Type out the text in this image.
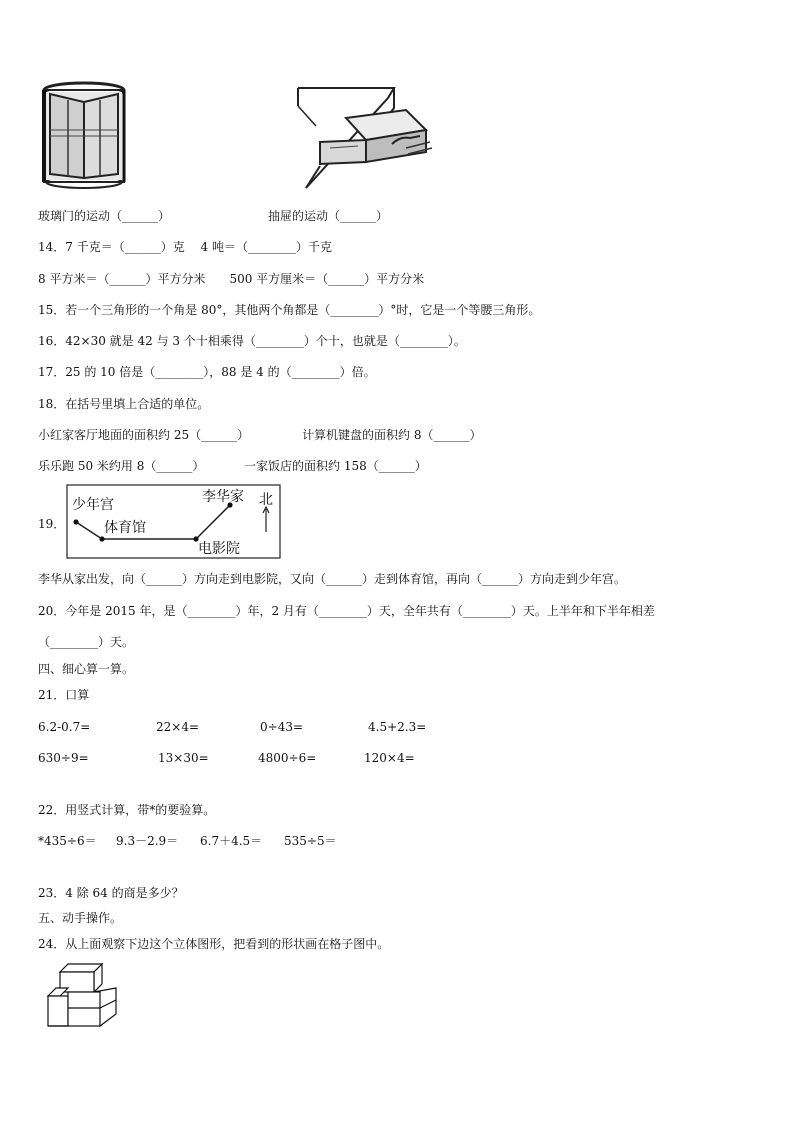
玻璃门的运动（______）	抽屉的运动（______）
14．7 千克＝（______）克　 4 吨＝（________）千克
8 平方米＝（______）平方分米　　500 平方厘米＝（______）平方分米
15．若一个三角形的一个角是 80°，其他两个角都是（________）°时，它是一个等腰三角形。
16．42×30 就是 42 与 3 个十相乘得（________）个十，也就是（________）。
17．25 的 10 倍是（________），88 是 4 的（________）倍。
18．在括号里填上合适的单位。
小红家客厅地面的面积约 25（______）	计算机键盘的面积约 8（______）
乐乐跑 50 米约用 8（______）	一家饭店的面积约 158（______）
19．
少年宫
体育馆
李华家
电影院
北
李华从家出发，向（______）方向走到电影院，又向（______）走到体育馆，再向（______）方向走到少年宫。
20．今年是 2015 年，是（________）年，2 月有（________）天，全年共有（________）天。上半年和下半年相差
（________）天。
四、细心算一算。
21．口算
6.2-0.7=	22×4=	0÷43=	4.5+2.3=
630÷9=	13×30=	4800÷6=	120×4=
22．用竖式计算，带*的要验算。
*435÷6＝ 9.3－2.9＝ 6.7＋4.5＝ 535÷5＝
23．4 除 64 的商是多少？
五、动手操作。
24．从上面观察下边这个立体图形，把看到的形状画在格子图中。
